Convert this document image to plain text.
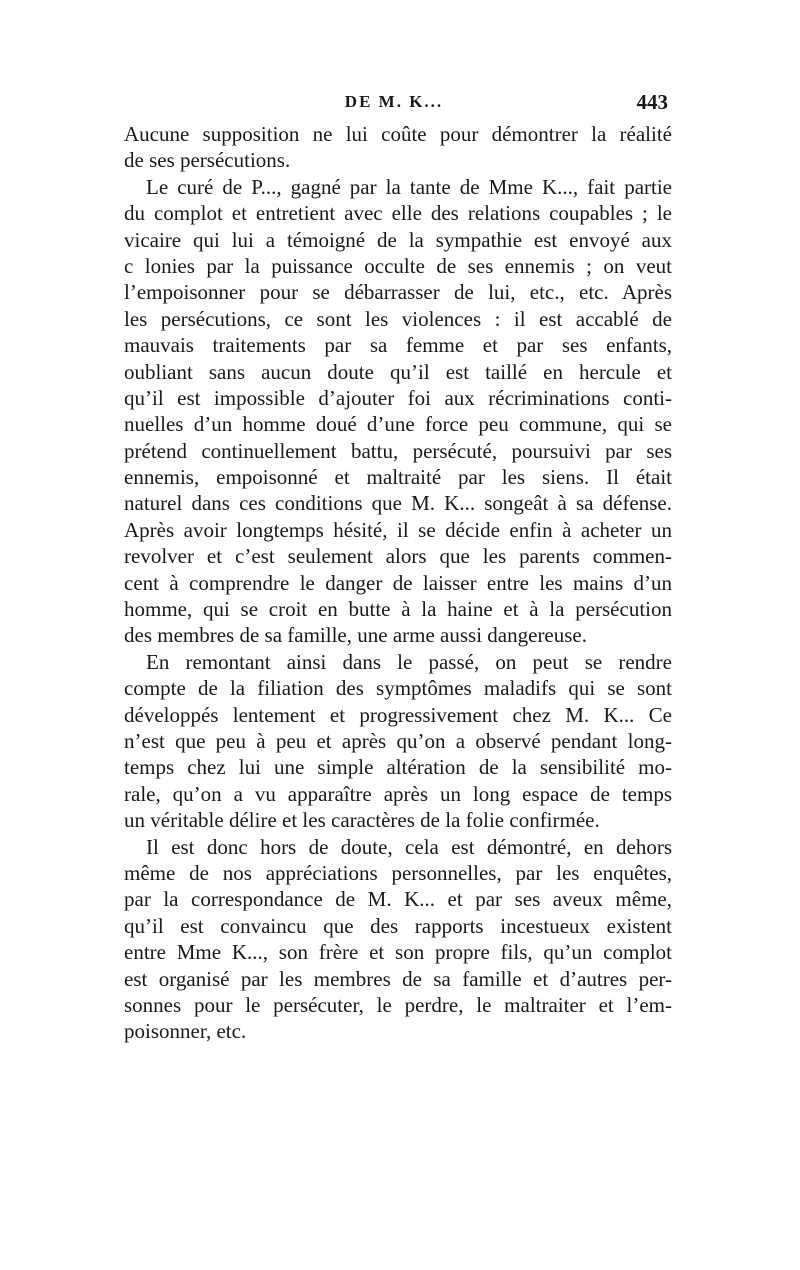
DE M. K...	443
Aucune supposition ne lui coûte pour démontrer la réalité
de ses persécutions.
Le curé de P..., gagné par la tante de Mme K..., fait partie
du complot et entretient avec elle des relations coupables ; le
vicaire qui lui a témoigné de la sympathie est envoyé aux
c lonies par la puissance occulte de ses ennemis ; on veut
l’empoisonner pour se débarrasser de lui, etc., etc. Après
les persécutions, ce sont les violences : il est accablé de
mauvais traitements par sa femme et par ses enfants,
oubliant sans aucun doute qu’il est taillé en hercule et
qu’il est impossible d’ajouter foi aux récriminations conti-
nuelles d’un homme doué d’une force peu commune, qui se
prétend continuellement battu, persécuté, poursuivi par ses
ennemis, empoisonné et maltraité par les siens. Il était
naturel dans ces conditions que M. K... songeât à sa défense.
Après avoir longtemps hésité, il se décide enfin à acheter un
revolver et c’est seulement alors que les parents commen-
cent à comprendre le danger de laisser entre les mains d’un
homme, qui se croit en butte à la haine et à la persécution
des membres de sa famille, une arme aussi dangereuse.
En remontant ainsi dans le passé, on peut se rendre
compte de la filiation des symptômes maladifs qui se sont
développés lentement et progressivement chez M. K... Ce
n’est que peu à peu et après qu’on a observé pendant long-
temps chez lui une simple altération de la sensibilité mo-
rale, qu’on a vu apparaître après un long espace de temps
un véritable délire et les caractères de la folie confirmée.
Il est donc hors de doute, cela est démontré, en dehors
même de nos appréciations personnelles, par les enquêtes,
par la correspondance de M. K... et par ses aveux même,
qu’il est convaincu que des rapports incestueux existent
entre Mme K..., son frère et son propre fils, qu’un complot
est organisé par les membres de sa famille et d’autres per-
sonnes pour le persécuter, le perdre, le maltraiter et l’em-
poisonner, etc.
